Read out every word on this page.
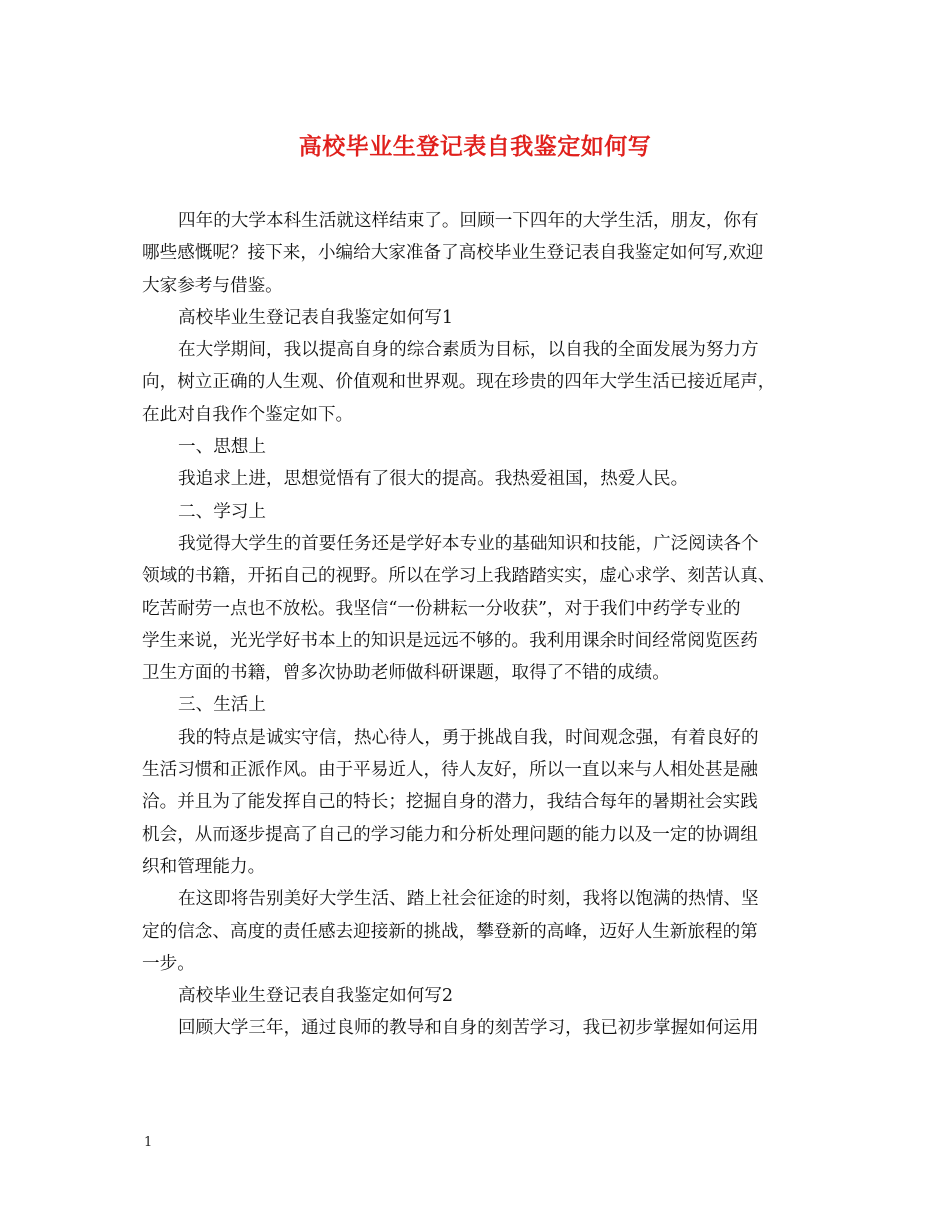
高校毕业生登记表自我鉴定如何写
四年的大学本科生活就这样结束了。回顾一下四年的大学生活，朋友，你有
哪些感慨呢？接下来，小编给大家准备了高校毕业生登记表自我鉴定如何写,欢迎
大家参考与借鉴。
高校毕业生登记表自我鉴定如何写1
在大学期间，我以提高自身的综合素质为目标，以自我的全面发展为努力方
向，树立正确的人生观、价值观和世界观。现在珍贵的四年大学生活已接近尾声，
在此对自我作个鉴定如下。
一、思想上
我追求上进，思想觉悟有了很大的提高。我热爱祖国，热爱人民。
二、学习上
我觉得大学生的首要任务还是学好本专业的基础知识和技能，广泛阅读各个
领域的书籍，开拓自己的视野。所以在学习上我踏踏实实，虚心求学、刻苦认真、
吃苦耐劳一点也不放松。我坚信“一份耕耘一分收获”，对于我们中药学专业的
学生来说，光光学好书本上的知识是远远不够的。我利用课余时间经常阅览医药
卫生方面的书籍，曾多次协助老师做科研课题，取得了不错的成绩。
三、生活上
我的特点是诚实守信，热心待人，勇于挑战自我，时间观念强，有着良好的
生活习惯和正派作风。由于平易近人，待人友好，所以一直以来与人相处甚是融
洽。并且为了能发挥自己的特长；挖掘自身的潜力，我结合每年的暑期社会实践
机会，从而逐步提高了自己的学习能力和分析处理问题的能力以及一定的协调组
织和管理能力。
在这即将告别美好大学生活、踏上社会征途的时刻，我将以饱满的热情、坚
定的信念、高度的责任感去迎接新的挑战，攀登新的高峰，迈好人生新旅程的第
一步。
高校毕业生登记表自我鉴定如何写2
回顾大学三年，通过良师的教导和自身的刻苦学习，我已初步掌握如何运用
1
